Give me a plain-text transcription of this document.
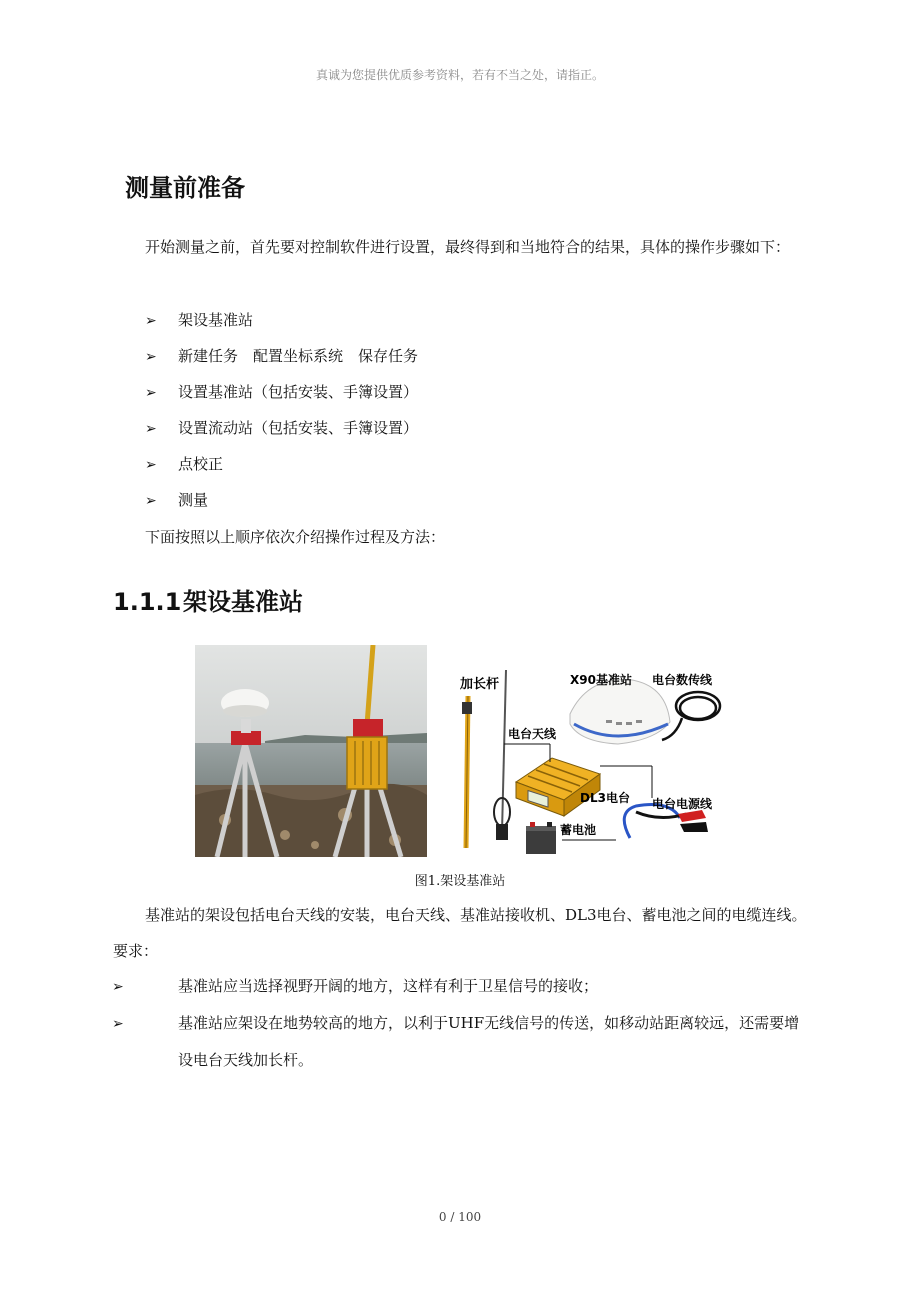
真诚为您提供优质参考资料，若有不当之处，请指正。
测量前准备
开始测量之前，首先要对控制软件进行设置，最终得到和当地符合的结果，具体的操作步骤如下：
➢ 架设基准站
➢ 新建任务　配置坐标系统　保存任务
➢ 设置基准站（包括安装、手簿设置）
➢ 设置流动站（包括安装、手簿设置）
➢ 点校正
➢ 测量
下面按照以上顺序依次介绍操作过程及方法：
1.1.1架设基准站
加长杆	X90基准站 电台数传线
电台天线
DL3电台 电台电源线
蓄电池
图1.架设基准站
基准站的架设包括电台天线的安装，电台天线、基准站接收机、DL3电台、蓄电池之间的电缆连线。要求：
➢	基准站应当选择视野开阔的地方，这样有利于卫星信号的接收；
➢	基准站应架设在地势较高的地方，以利于UHF无线信号的传送，如移动站距离较远，还需要增设电台天线加长杆。
0 / 100
